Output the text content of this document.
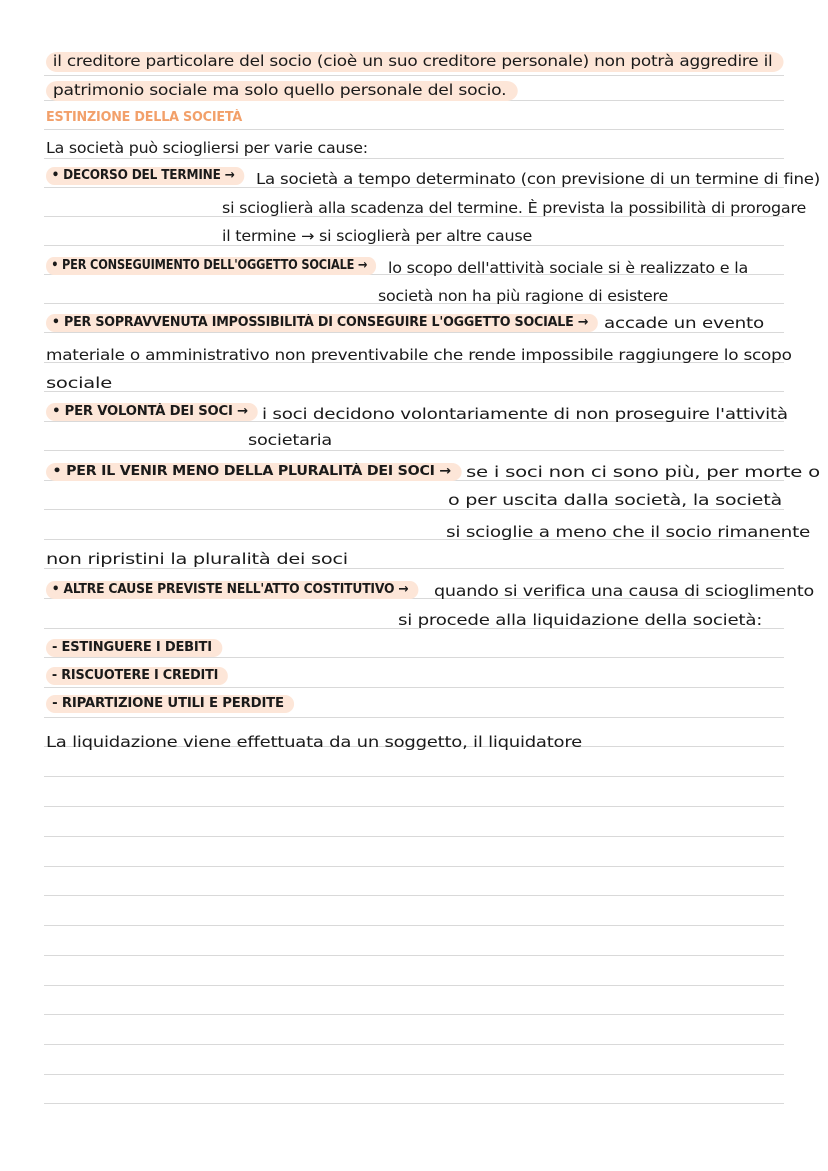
il creditore particolare del socio (cioè un suo creditore personale) non potrà aggredire il
patrimonio sociale ma solo quello personale del socio.
ESTINZIONE DELLA SOCIETÀ
La società può sciogliersi per varie cause:
• DECORSO DEL TERMINE →	La società a tempo determinato (con previsione di un termine di fine)
si scioglierà alla scadenza del termine. È prevista la possibilità di prorogare
il termine → si scioglierà per altre cause
• PER CONSEGUIMENTO DELL'OGGETTO SOCIALE →	lo scopo dell'attività sociale si è realizzato e la
società non ha più ragione di esistere
• PER SOPRAVVENUTA IMPOSSIBILITÀ DI CONSEGUIRE L'OGGETTO SOCIALE →	accade un evento
materiale o amministrativo non preventivabile che rende impossibile raggiungere lo scopo
sociale
• PER VOLONTÀ DEI SOCI → i soci decidono volontariamente di non proseguire l'attività
societaria
• PER IL VENIR MENO DELLA PLURALITÀ DEI SOCI → se i soci non ci sono più, per morte o
o per uscita dalla società, la società
si scioglie a meno che il socio rimanente
non ripristini la pluralità dei soci
• ALTRE CAUSE PREVISTE NELL'ATTO COSTITUTIVO →	quando si verifica una causa di scioglimento
si procede alla liquidazione della società:
- ESTINGUERE I DEBITI
- RISCUOTERE I CREDITI
- RIPARTIZIONE UTILI E PERDITE
La liquidazione viene effettuata da un soggetto, il liquidatore
